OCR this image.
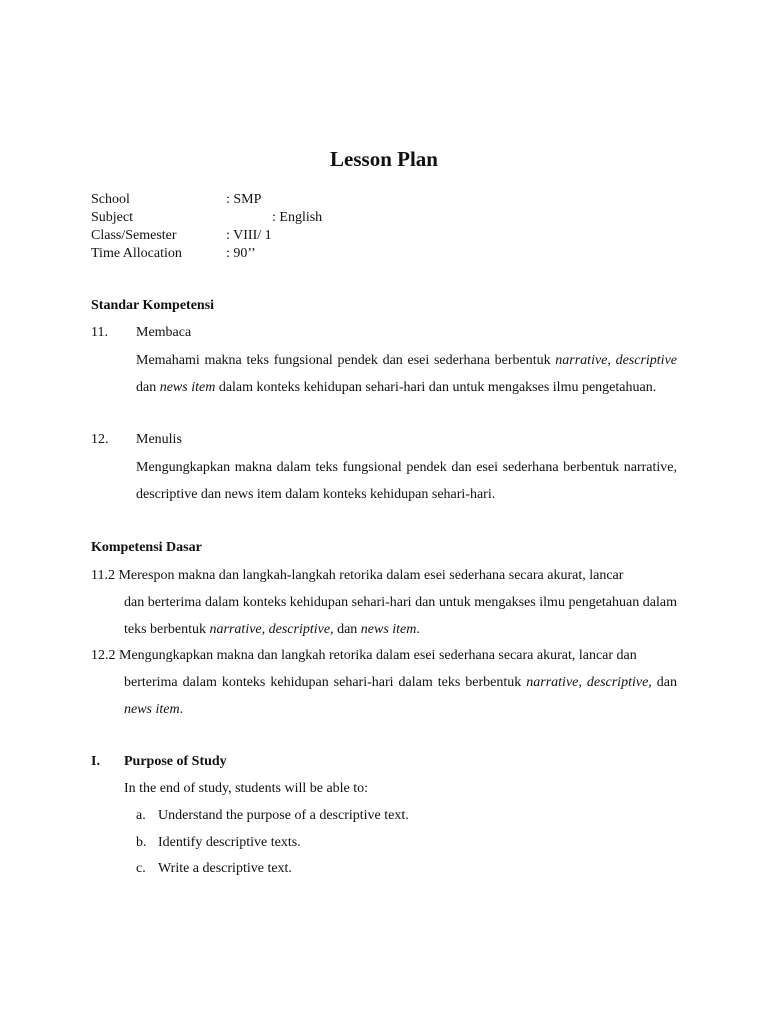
Lesson Plan
School	: SMP
Subject	: English
Class/Semester	: VIII/ 1
Time Allocation	: 90’’
Standar Kompetensi
11. Membaca

Memahami makna teks fungsional pendek dan esei sederhana berbentuk narrative, descriptive dan news item dalam konteks kehidupan sehari-hari dan untuk mengakses ilmu pengetahuan.

12. Menulis

Mengungkapkan makna dalam teks fungsional pendek dan esei sederhana berbentuk narrative, descriptive dan news item dalam konteks kehidupan sehari-hari.

Kompetensi Dasar
11.2 Merespon makna dan langkah-langkah retorika dalam esei sederhana secara akurat, lancar

dan berterima dalam konteks kehidupan sehari-hari dan untuk mengakses ilmu pengetahuan dalam teks berbentuk narrative, descriptive, dan news item.

12.2 Mengungkapkan makna dan langkah retorika dalam esei sederhana secara akurat, lancar dan

berterima dalam konteks kehidupan sehari-hari dalam teks berbentuk narrative, descriptive, dan news item.

I. Purpose of Study
In the end of study, students will be able to:
a. Understand the purpose of a descriptive text.
b. Identify descriptive texts.
c. Write a descriptive text.
